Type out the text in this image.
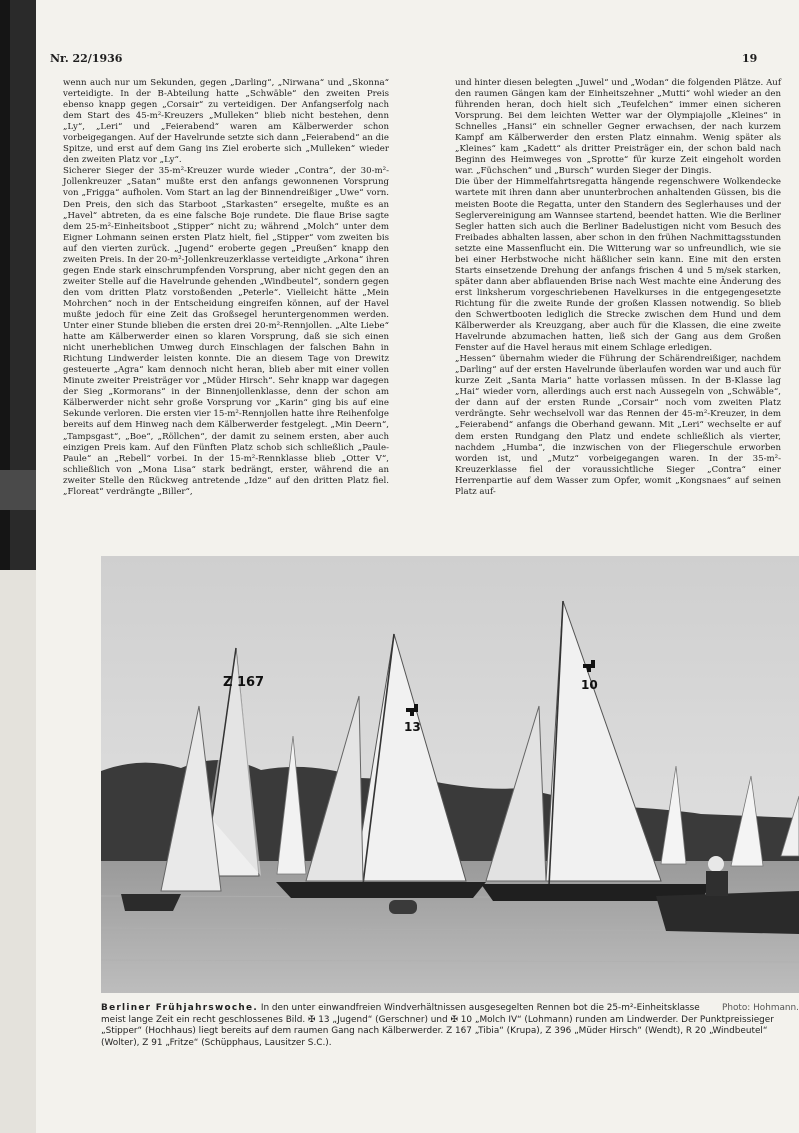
Nr. 22/1936	19
wenn auch nur um Sekunden, gegen „Darling“, „Nirwana“ und „Skonna“ verteidigte. In der B-Abteilung hatte „Schwäble“ den zweiten Preis ebenso knapp gegen „Corsair“ zu verteidigen. Der Anfangserfolg nach dem Start des 45-m²-Kreuzers „Mulleken“ blieb nicht bestehen, denn „Ly“, „Leri“ und „Feierabend“ waren am Kälberwerder schon vorbeigegangen. Auf der Havelrunde setzte sich dann „Feierabend“ an die Spitze, und erst auf dem Gang ins Ziel eroberte sich „Mulleken“ wieder den zweiten Platz vor „Ly“.
Sicherer Sieger der 35-m²-Kreuzer wurde wieder „Contra“, der 30-m²-Jollenkreuzer „Satan“ mußte erst den anfangs gewonnenen Vorsprung von „Frigga“ aufholen. Vom Start an lag der Binnendreißiger „Uwe“ vorn. Den Preis, den sich das Starboot „Starkasten“ ersegelte, mußte es an „Havel“ abtreten, da es eine falsche Boje rundete. Die flaue Brise sagte dem 25-m²-Einheitsboot „Stipper“ nicht zu; während „Molch“ unter dem Eigner Lohmann seinen ersten Platz hielt, fiel „Stipper“ vom zweiten bis auf den vierten zurück. „Jugend“ eroberte gegen „Preußen“ knapp den zweiten Preis. In der 20-m²-Jollenkreuzerklasse verteidigte „Arkona“ ihren gegen Ende stark einschrumpfenden Vorsprung, aber nicht gegen den an zweiter Stelle auf die Havelrunde gehenden „Windbeutel“, sondern gegen den vom dritten Platz vorstoßenden „Peterle“. Vielleicht hätte „Mein Mohrchen“ noch in der Entscheidung eingreifen können, auf der Havel mußte jedoch für eine Zeit das Großsegel heruntergenommen werden. Unter einer Stunde blieben die ersten drei 20-m²-Rennjollen. „Alte Liebe“ hatte am Kälberwerder einen so klaren Vorsprung, daß sie sich einen nicht unerheblichen Umweg durch Einschlagen der falschen Bahn in Richtung Lindwerder leisten konnte. Die an diesem Tage von Drewitz gesteuerte „Agra“ kam dennoch nicht heran, blieb aber mit einer vollen Minute zweiter Preisträger vor „Müder Hirsch“. Sehr knapp war dagegen der Sieg „Kormorans“ in der Binnenjollenklasse, denn der schon am Kälberwerder nicht sehr große Vorsprung vor „Karin“ ging bis auf eine Sekunde verloren. Die ersten vier 15-m²-Rennjollen hatte ihre Reihenfolge bereits auf dem Hinweg nach dem Kälberwerder festgelegt. „Min Deern“, „Tampsgast“, „Boe“, „Röllchen“, der damit zu seinem ersten, aber auch einzigen Preis kam. Auf den Fünften Platz schob sich schließlich „Paule-Paule“ an „Rebell“ vorbei. In der 15-m²-Rennklasse blieb „Otter V“, schließlich von „Mona Lisa“ stark bedrängt, erster, während die an zweiter Stelle den Rückweg antretende „Idze“ auf den dritten Platz fiel. „Floreat“ verdrängte „Biller“,
und hinter diesen belegten „Juwel“ und „Wodan“ die folgenden Plätze. Auf den raumen Gängen kam der Einheitszehner „Mutti“ wohl wieder an den führenden heran, doch hielt sich „Teufelchen“ immer einen sicheren Vorsprung. Bei dem leichten Wetter war der Olympiajolle „Kleines“ in Schnelles „Hansi“ ein schneller Gegner erwachsen, der nach kurzem Kampf am Kälberwerder den ersten Platz einnahm. Wenig später als „Kleines“ kam „Kadett“ als dritter Preisträger ein, der schon bald nach Beginn des Heimweges von „Sprotte“ für kurze Zeit eingeholt worden war. „Füchschen“ und „Bursch“ wurden Sieger der Dingis.
Die über der Himmelfahrtsregatta hängende regenschwere Wolkendecke wartete mit ihren dann aber ununterbrochen anhaltenden Güssen, bis die meisten Boote die Regatta, unter den Standern des Seglerhauses und der Seglervereinigung am Wannsee startend, beendet hatten. Wie die Berliner Segler hatten sich auch die Berliner Badelustigen nicht vom Besuch des Freibades abhalten lassen, aber schon in den frühen Nachmittagsstunden setzte eine Massenflucht ein. Die Witterung war so unfreundlich, wie sie bei einer Herbstwoche nicht häßlicher sein kann. Eine mit den ersten Starts einsetzende Drehung der anfangs frischen 4 und 5 m/sek starken, später dann aber abflauenden Brise nach West machte eine Änderung des erst linksherum vorgeschriebenen Havelkurses in die entgegengesetzte Richtung für die zweite Runde der großen Klassen notwendig. So blieb den Schwertbooten lediglich die Strecke zwischen dem Hund und dem Kälberwerder als Kreuzgang, aber auch für die Klassen, die eine zweite Havelrunde abzumachen hatten, ließ sich der Gang aus dem Großen Fenster auf die Havel heraus mit einem Schlage erledigen.
„Hessen“ übernahm wieder die Führung der Schärendreißiger, nachdem „Darling“ auf der ersten Havelrunde überlaufen worden war und auch für kurze Zeit „Santa Maria“ hatte vorlassen müssen. In der B-Klasse lag „Hai“ wieder vorn, allerdings auch erst nach Aussegeln von „Schwäble“, der dann auf der ersten Runde „Corsair“ noch vom zweiten Platz verdrängte. Sehr wechselvoll war das Rennen der 45-m²-Kreuzer, in dem „Feierabend“ anfangs die Oberhand gewann. Mit „Leri“ wechselte er auf dem ersten Rundgang den Platz und endete schließlich als vierter, nachdem „Humba“, die inzwischen von der Fliegerschule erworben worden ist, und „Mutz“ vorbeigegangen waren. In der 35-m²-Kreuzerklasse fiel der voraussichtliche Sieger „Contra“ einer Herrenpartie auf dem Wasser zum Opfer, womit „Kongsnaes“ auf seinen Platz auf-
Z 167
13
10
Photo: Hohmann.
Berliner Frühjahrswoche. In den unter einwandfreien Windverhältnissen ausgesegelten Rennen bot die 25-m²-Einheitsklasse meist lange Zeit ein recht geschlossenes Bild. ✠ 13 „Jugend“ (Gerschner) und ✠ 10 „Molch IV“ (Lohmann) runden am Lindwerder. Der Punktpreissieger „Stipper“ (Hochhaus) liegt bereits auf dem raumen Gang nach Kälberwerder. Z 167 „Tibia“ (Krupa), Z 396 „Müder Hirsch“ (Wendt), R 20 „Windbeutel“ (Wolter), Z 91 „Fritze“ (Schüpphaus, Lausitzer S.C.).
